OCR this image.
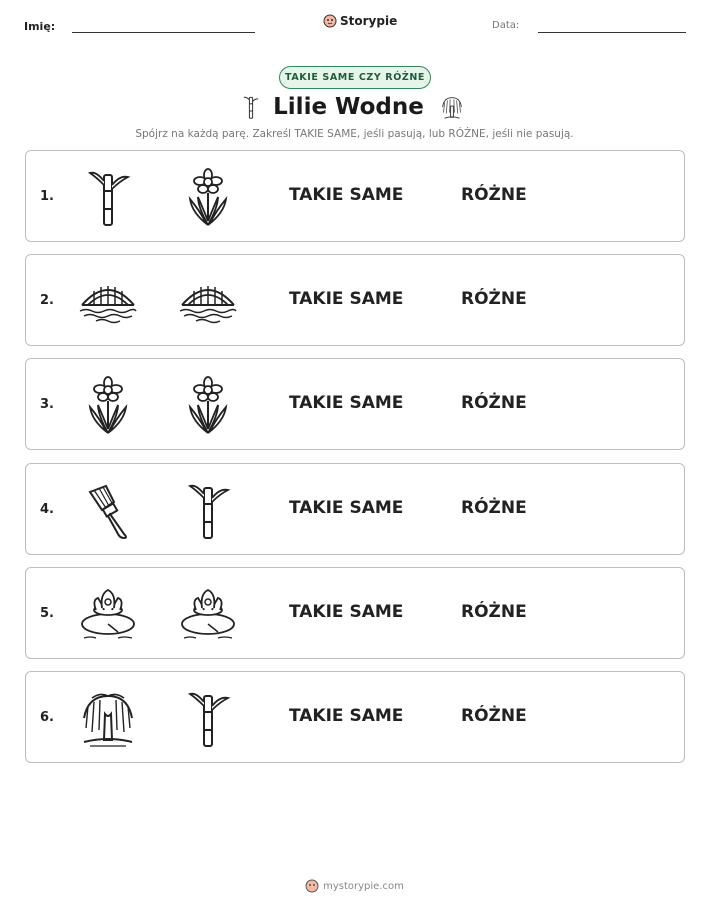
Imię:	Storypie	Data:
TAKIE SAME CZY RÓŻNE
Lilie Wodne
Spójrz na każdą parę. Zakreśl TAKIE SAME, jeśli pasują, lub RÓŻNE, jeśli nie pasują.
1.	TAKIE SAME	RÓŻNE
2.	TAKIE SAME	RÓŻNE
3.	TAKIE SAME	RÓŻNE
4.	TAKIE SAME	RÓŻNE
5.	TAKIE SAME	RÓŻNE
6.	TAKIE SAME	RÓŻNE
mystorypie.com
